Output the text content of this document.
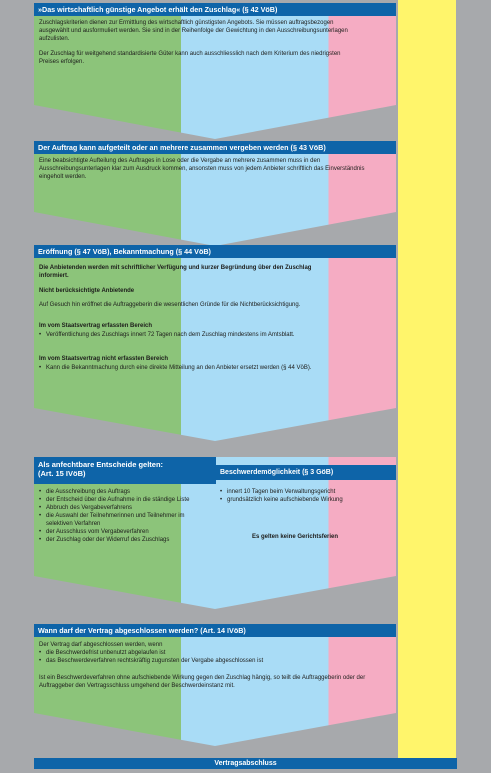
»Das wirtschaftlich günstige Angebot erhält den Zuschlag« (§ 42 VöB)

Zuschlagskriterien dienen zur Ermittlung des wirtschaftlich günstigsten Angebots. Sie müssen auftragsbezogen ausgewählt und ausformuliert werden. Sie sind in der Reihenfolge der Gewichtung in den Ausschreibungsunterlagen aufzulisten.

Der Zuschlag für weitgehend standardisierte Güter kann auch ausschliesslich nach dem Kriterium des niedrigsten Preises erfolgen.

Der Auftrag kann aufgeteilt oder an mehrere zusammen vergeben werden (§ 43 VöB)

Eine beabsichtigte Aufteilung des Auftrages in Lose oder die Vergabe an mehrere zusammen muss in den Ausschreibungsunterlagen klar zum Ausdruck kommen, ansonsten muss von jedem Anbieter schriftlich das Einverständnis eingeholt werden.

Eröffnung (§ 47 VöB), Bekanntmachung (§ 44 VöB)

Die Anbietenden werden mit schriftlicher Verfügung und kurzer Begründung über den Zuschlag informiert.

Nicht berücksichtigte Anbietende

Auf Gesuch hin eröffnet die Auftraggeberin die wesentlichen Gründe für die Nichtberücksichtigung.

Im vom Staatsvertrag erfassten Bereich

• Veröffentlichung des Zuschlags innert 72 Tagen nach dem Zuschlag mindestens im Amtsblatt.

Im vom Staatsvertrag nicht erfassten Bereich

• Kann die Bekanntmachung durch eine direkte Mitteilung an den Anbieter ersetzt werden (§ 44 VöB).
Als anfechtbare Entscheide gelten:
(Art. 15 IVöB)	Beschwerdemöglichkeit (§ 3 GöB)
• die Ausschreibung des Auftrags
• der Entscheid über die Aufnahme in die ständige Liste
• Abbruch des Vergabeverfahrens
• die Auswahl der Teilnehmerinnen und Teilnehmer im selektiven Verfahren
• der Ausschluss vom Vergabeverfahren
• der Zuschlag oder der Widerruf des Zuschlags
• innert 10 Tagen beim Verwaltungsgericht
• grundsätzlich keine aufschiebende Wirkung
Es gelten keine Gerichtsferien
Wann darf der Vertrag abgeschlossen werden? (Art. 14 IVöB)

Der Vertrag darf abgeschlossen werden, wenn

• die Beschwerdefrist unbenutzt abgelaufen ist
• das Beschwerdeverfahren rechtskräftig zugunsten der Vergabe abgeschlossen ist

Ist ein Beschwerdeverfahren ohne aufschiebende Wirkung gegen den Zuschlag hängig, so teilt die Auftraggeberin oder der Auftraggeber den Vertragsschluss umgehend der Beschwerdeinstanz mit.

Vertragsabschluss
